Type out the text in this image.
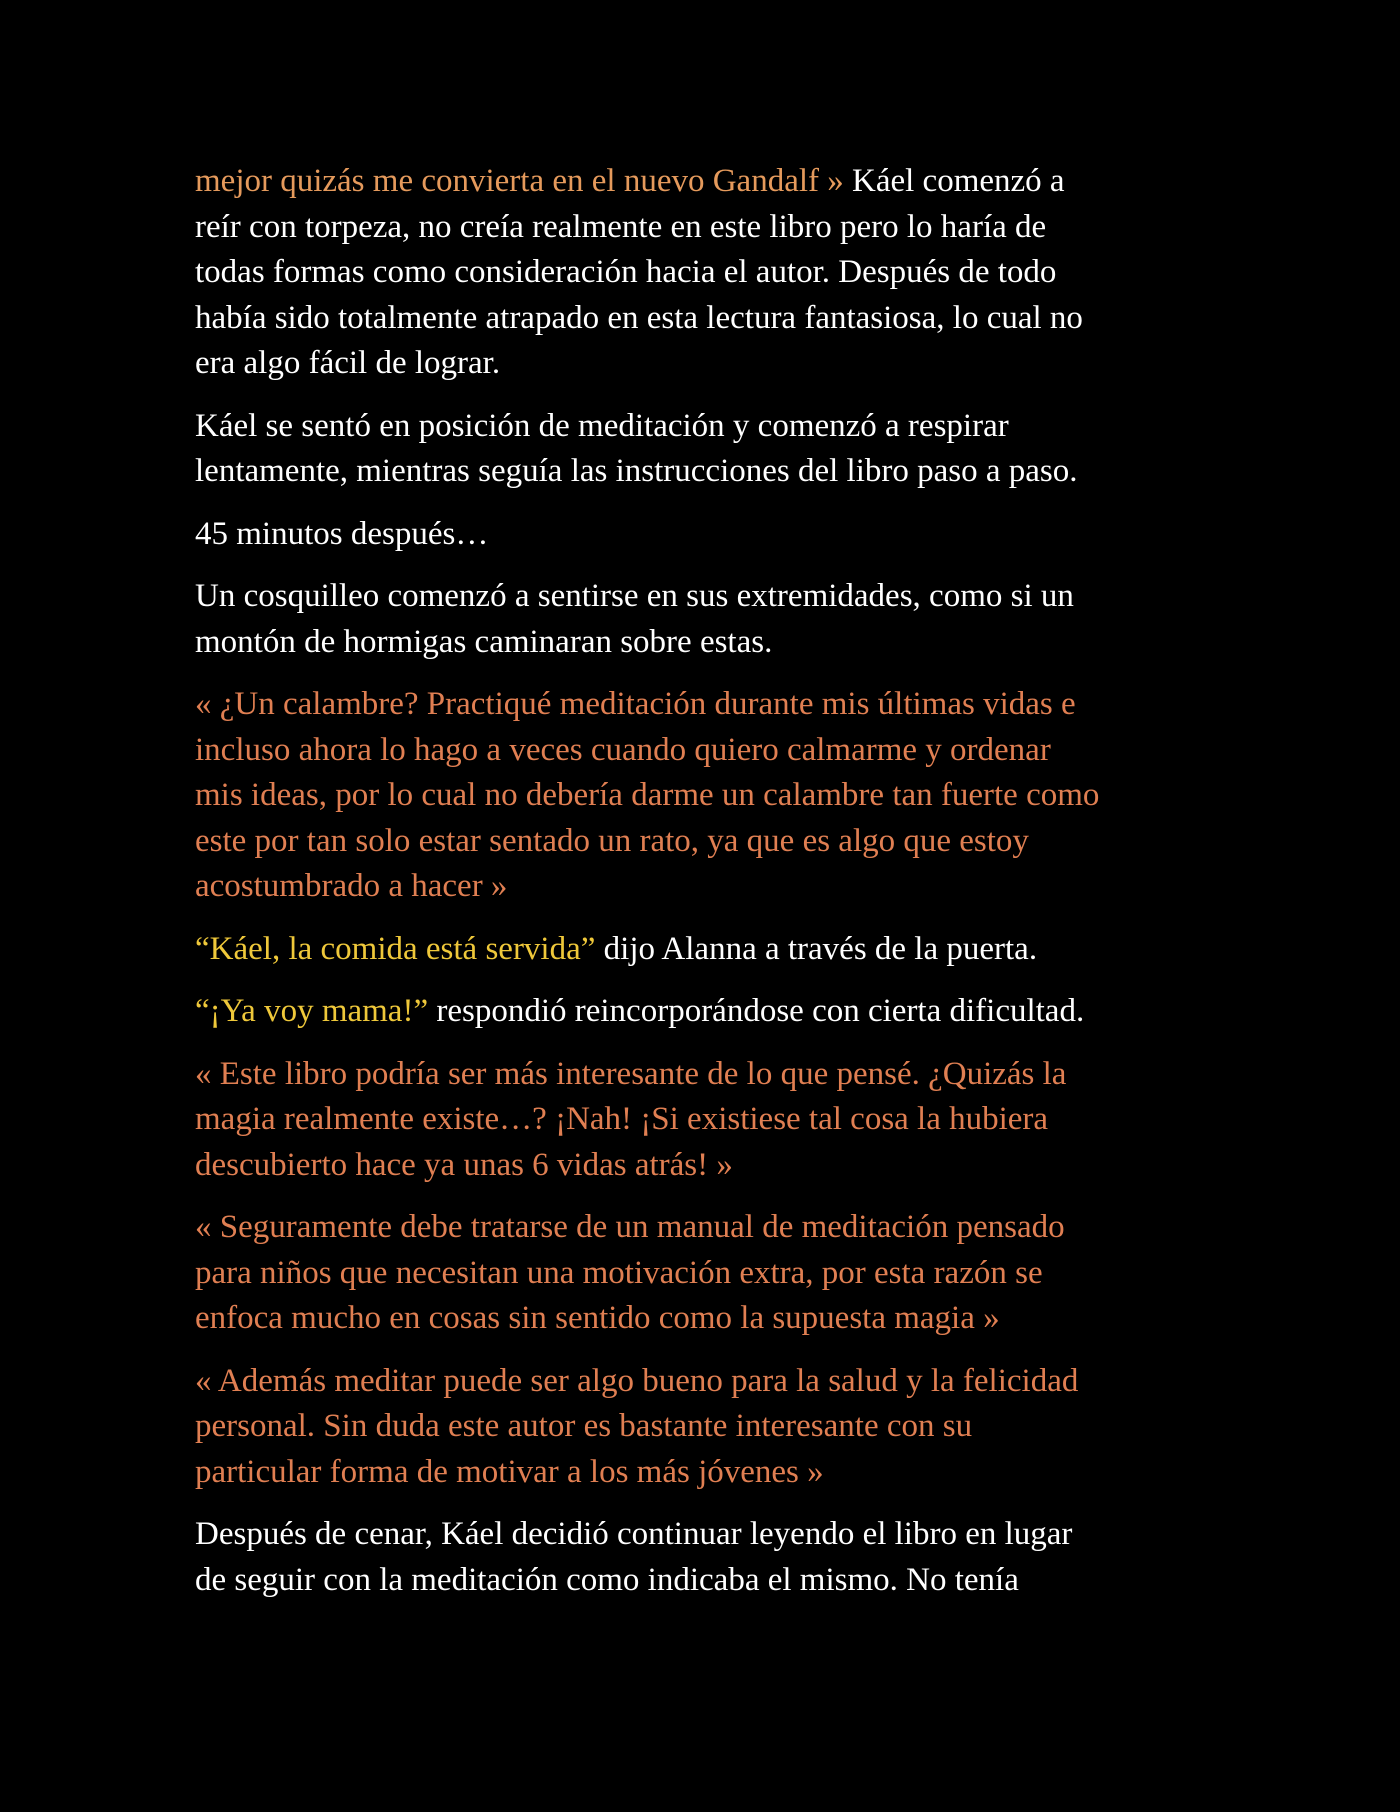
mejor quizás me convierta en el nuevo Gandalf » Káel comenzó a
reír con torpeza, no creía realmente en este libro pero lo haría de
todas formas como consideración hacia el autor. Después de todo
había sido totalmente atrapado en esta lectura fantasiosa, lo cual no
era algo fácil de lograr.

Káel se sentó en posición de meditación y comenzó a respirar
lentamente, mientras seguía las instrucciones del libro paso a paso.

45 minutos después…

Un cosquilleo comenzó a sentirse en sus extremidades, como si un
montón de hormigas caminaran sobre estas.

« ¿Un calambre? Practiqué meditación durante mis últimas vidas e
incluso ahora lo hago a veces cuando quiero calmarme y ordenar
mis ideas, por lo cual no debería darme un calambre tan fuerte como
este por tan solo estar sentado un rato, ya que es algo que estoy
acostumbrado a hacer »

“Káel, la comida está servida” dijo Alanna a través de la puerta.

“¡Ya voy mama!” respondió reincorporándose con cierta dificultad.

« Este libro podría ser más interesante de lo que pensé. ¿Quizás la
magia realmente existe…? ¡Nah! ¡Si existiese tal cosa la hubiera
descubierto hace ya unas 6 vidas atrás! »

« Seguramente debe tratarse de un manual de meditación pensado
para niños que necesitan una motivación extra, por esta razón se
enfoca mucho en cosas sin sentido como la supuesta magia »

« Además meditar puede ser algo bueno para la salud y la felicidad
personal. Sin duda este autor es bastante interesante con su
particular forma de motivar a los más jóvenes »

Después de cenar, Káel decidió continuar leyendo el libro en lugar
de seguir con la meditación como indicaba el mismo. No tenía
